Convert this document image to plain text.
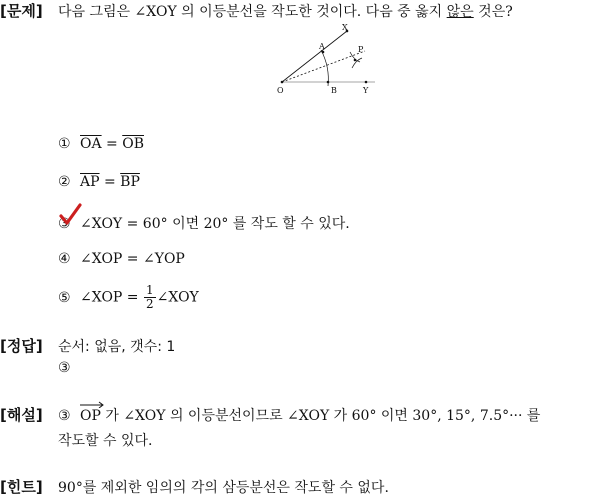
[문제] 다음 그림은 ∠XOY 의 이등분선을 작도한 것이다. 다음 중 옳지 않은 것은?
X
A	P
O	B	Y
① $\overline{OA} = \overline{OB}$
② $\overline{AP} = \overline{BP}$
③ ∠XOY = 60° 이면 20° 를 작도 할 수 있다.
④ ∠XOP = ∠YOP
⑤ ∠XOP = $\frac{1}{2}$ ∠XOY
[정답] 순서: 없음, 갯수: 1
③
[해설] ③ OP 가 ∠XOY 의 이등분선이므로 ∠XOY 가 60° 이면 30°, 15°, 7.5°··· 를
작도할 수 있다.
[힌트] 90°를 제외한 임의의 각의 삼등분선은 작도할 수 없다.
